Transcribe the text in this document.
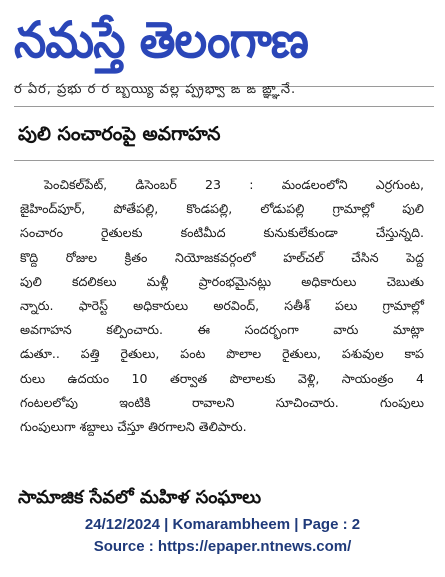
నమస్తే తెలంగాణ
ర ఏర, ప్రభు ర ర బ్బయ్యి వల్ల ప్ప్రభ్వా ఙ ఙ ఙ్ఞ్ఞానే.
పులి సంచారంపై అవగాహన
పెంచికల్‌పేట్, డిసెంబర్ 23 : మండలంలోని ఎర్రగుంట,
జైహింద్‌పూర్, పోతేపల్లి, కొండపల్లి, లోడుపల్లి గ్రామాల్లో పులి
సంచారం రైతులకు కంటిమీద కునుకులేకుండా చేస్తున్నది.
కొద్ది రోజుల క్రితం నియోజకవర్గంలో హల్‌చల్ చేసిన పెద్ద
పులి కదలికలు మళ్లీ ప్రారంభమైనట్లు అధికారులు చెబుతు
న్నారు. ఫారెస్ట్ అధికారులు అరవింద్, సతీశ్ పలు గ్రామాల్లో
అవగాహన కల్పించారు. ఈ సందర్భంగా వారు మాట్లా
డుతూ.. పత్తి రైతులు, పంట పొలాల రైతులు, పశువుల కాప
రులు ఉదయం 10 తర్వాత పొలాలకు వెళ్లి, సాయంత్రం 4
గంటలలోపు ఇంటికి రావాలని సూచించారు. గుంపులు
గుంపులుగా శబ్దాలు చేస్తూ తిరగాలని తెలిపారు.
సామాజిక సేవలో మహిళ సంఘాలు
24/12/2024 | Komarambheem | Page : 2
Source : https://epaper.ntnews.com/
